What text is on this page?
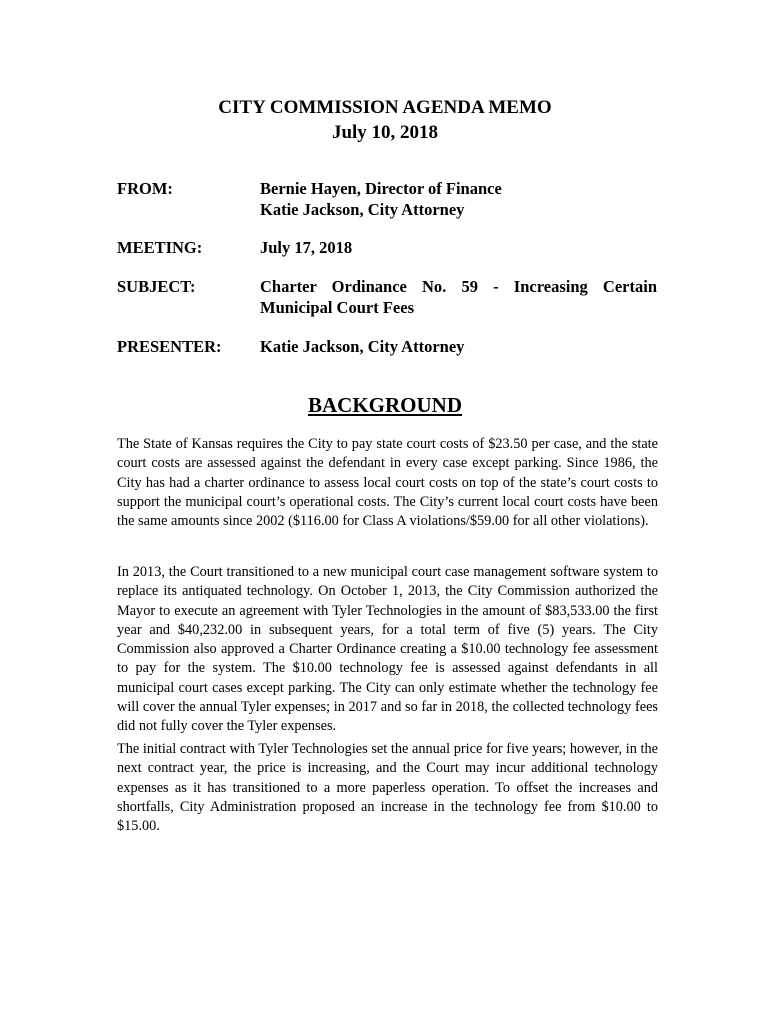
CITY COMMISSION AGENDA MEMO
July 10, 2018
FROM:	Bernie Hayen, Director of Finance
Katie Jackson, City Attorney
MEETING:	July 17, 2018
SUBJECT:	Charter Ordinance No. 59 - Increasing Certain
Municipal Court Fees
PRESENTER: Katie Jackson, City Attorney
BACKGROUND
The State of Kansas requires the City to pay state court costs of $23.50 per case, and the state court costs are assessed against the defendant in every case except parking. Since 1986, the City has had a charter ordinance to assess local court costs on top of the state’s court costs to support the municipal court’s operational costs. The City’s current local court costs have been the same amounts since 2002 ($116.00 for Class A violations/$59.00 for all other violations).
In 2013, the Court transitioned to a new municipal court case management software system to replace its antiquated technology. On October 1, 2013, the City Commission authorized the Mayor to execute an agreement with Tyler Technologies in the amount of $83,533.00 the first year and $40,232.00 in subsequent years, for a total term of five (5) years. The City Commission also approved a Charter Ordinance creating a $10.00 technology fee assessment to pay for the system. The $10.00 technology fee is assessed against defendants in all municipal court cases except parking. The City can only estimate whether the technology fee will cover the annual Tyler expenses; in 2017 and so far in 2018, the collected technology fees did not fully cover the Tyler expenses.
The initial contract with Tyler Technologies set the annual price for five years; however, in the next contract year, the price is increasing, and the Court may incur additional technology expenses as it has transitioned to a more paperless operation. To offset the increases and shortfalls, City Administration proposed an increase in the technology fee from $10.00 to $15.00.
